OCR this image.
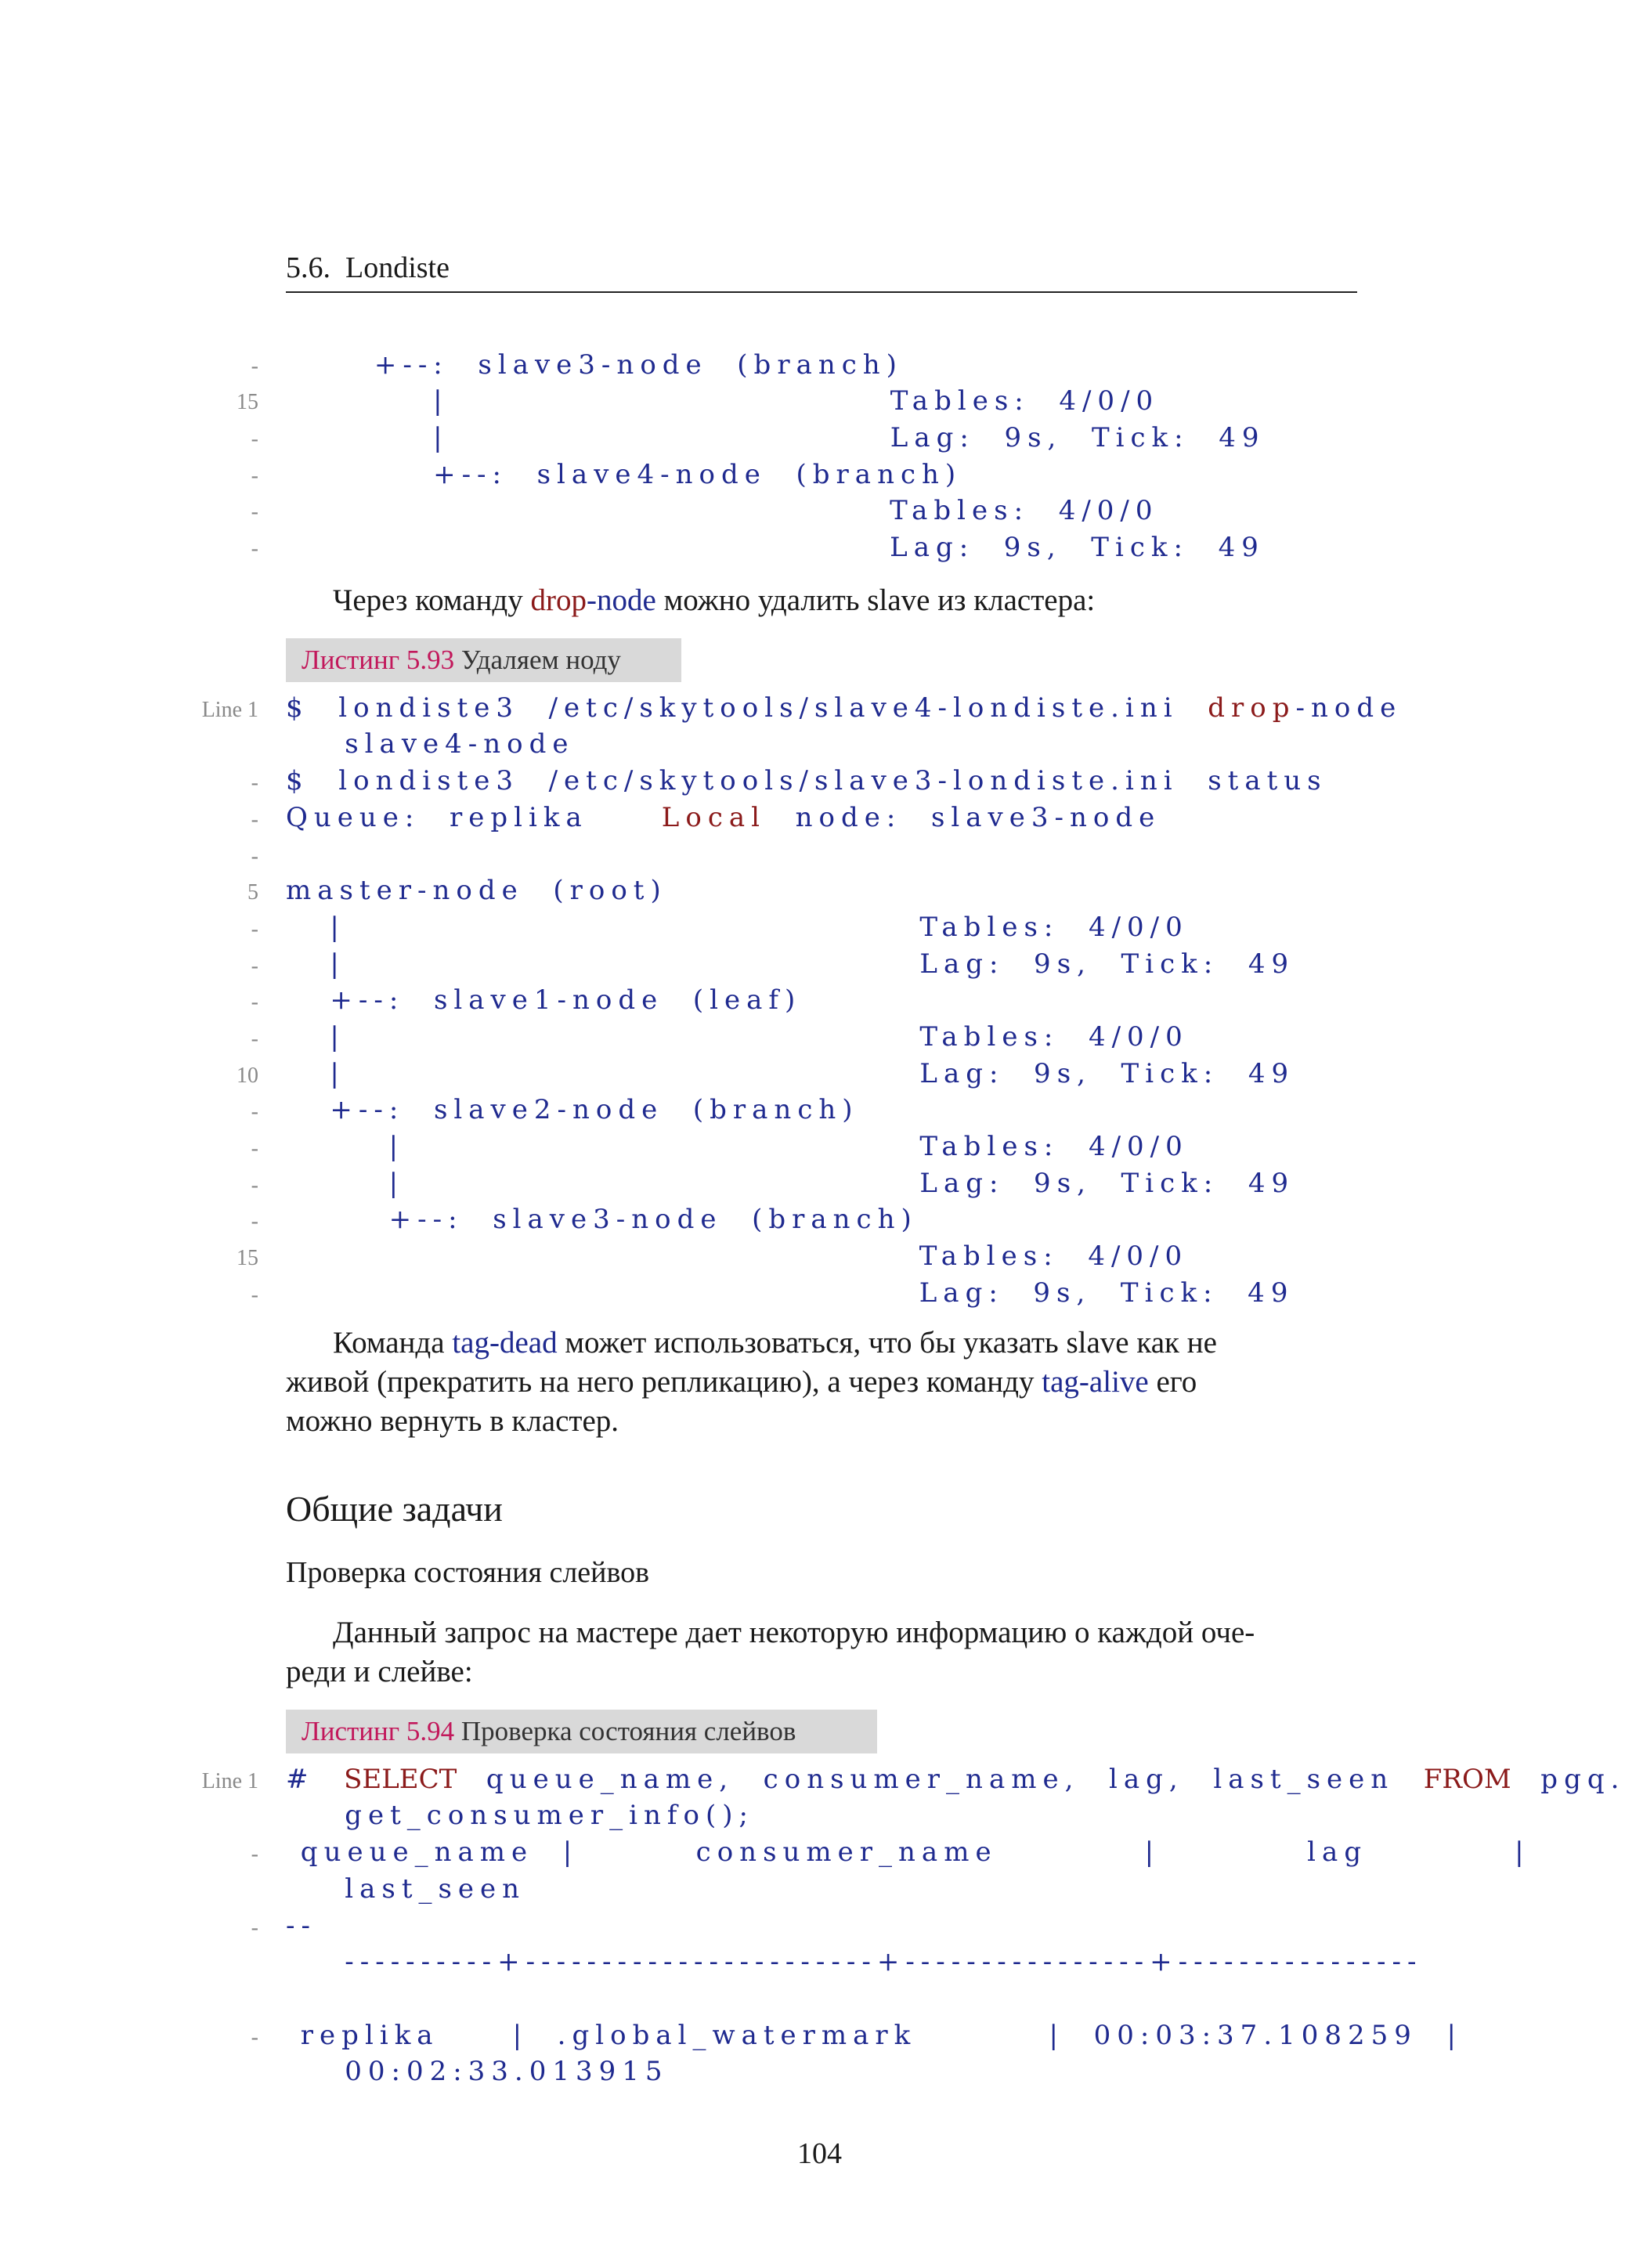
5.6.  Londiste
- +--:  slave3-node  (branch)
15 |                              Tables:  4/0/0
- |                              Lag:  9s,  Tick:  49
- +--:  slave4-node  (branch)
- Tables:  4/0/0
- Lag:  9s,  Tick:  49
Через команду drop-node можно удалить slave из кластера:
Листинг 5.93 Удаляем ноду
Line 1 $  londiste3  /etc/skytools/slave4-londiste.ini  drop-node
slave4-node
- $  londiste3  /etc/skytools/slave3-londiste.ini  status
- Queue:  replika     Local  node:  slave3-node
-
5 master-node  (root)
- |                                       Tables:  4/0/0
- |                                       Lag:  9s,  Tick:  49
- +--:  slave1-node  (leaf)
- |                                       Tables:  4/0/0
10 |                                       Lag:  9s,  Tick:  49
- +--:  slave2-node  (branch)
- |                                   Tables:  4/0/0
- |                                   Lag:  9s,  Tick:  49
- +--:  slave3-node  (branch)
15 Tables:  4/0/0
- Lag:  9s,  Tick:  49
Команда tag-dead может использоваться, что бы указать slave как не
живой (прекратить на него репликацию), а через команду tag-alive его
можно вернуть в кластер.
Общие задачи
Проверка состояния слейвов
Данный запрос на мастере дает некоторую информацию о каждой оче-
реди и слейве:
Листинг 5.94 Проверка состояния слейвов
Line 1 #  SELECT  queue_name,  consumer_name,  lag,  last_seen  FROM  pgq.
get_consumer_info();
- queue_name  |        consumer_name          |          lag          |
last_seen
- --
----------+-----------------------+----------------+----------------
- replika     |  .global_watermark         |  00:03:37.108259  |
00:02:33.013915
104
